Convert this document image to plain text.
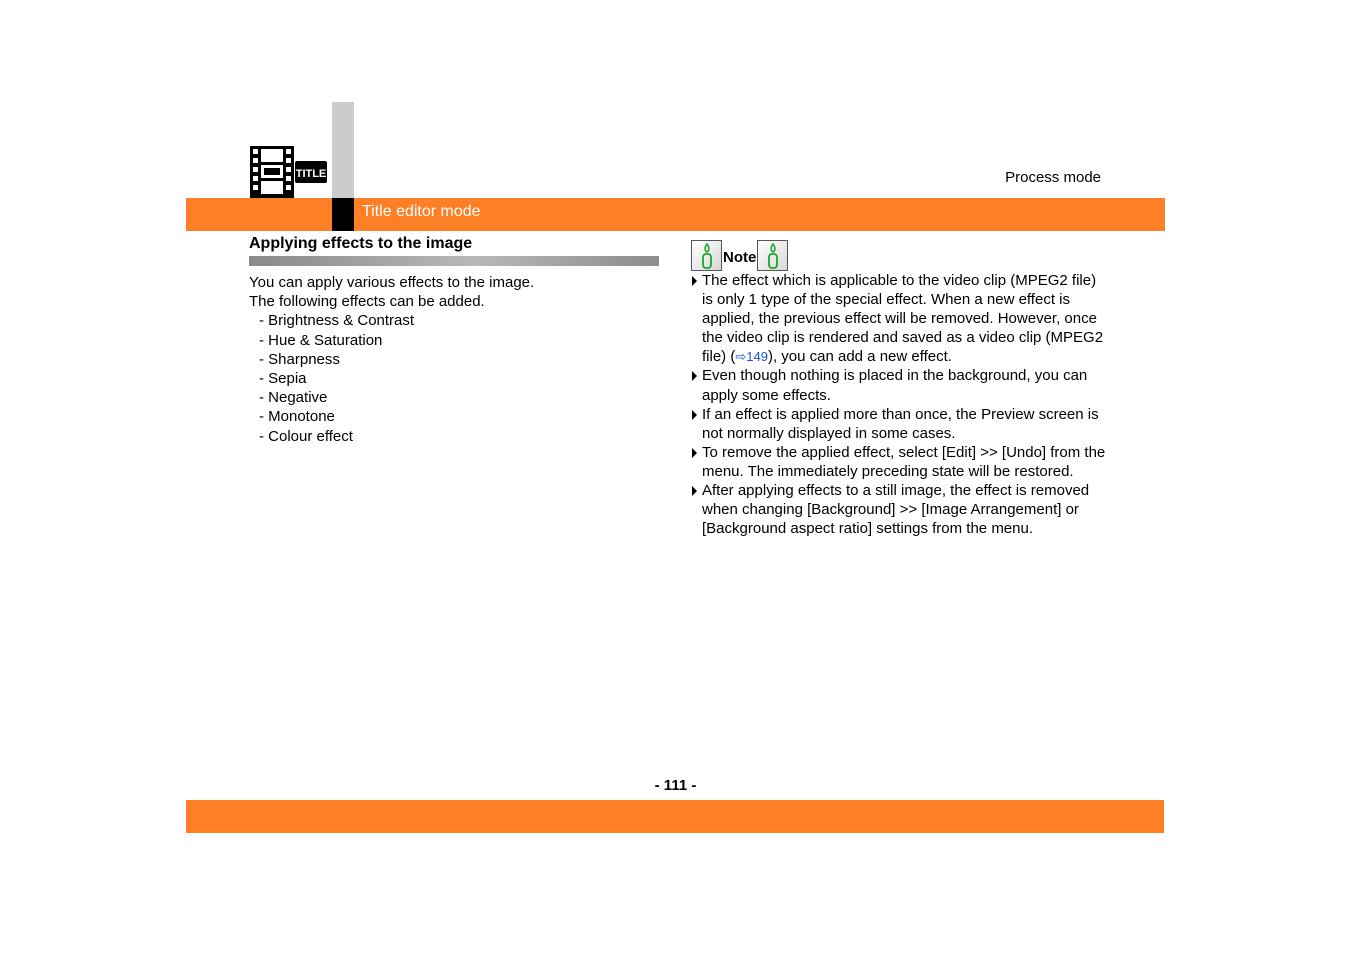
TITLE	Process mode
Title editor mode
Applying effects to the image

You can apply various effects to the image.

The following effects can be added.

- Brightness & Contrast
- Hue & Saturation
- Sharpness
- Sepia
- Negative
- Monotone
- Colour effect
Note
The effect which is applicable to the video clip (MPEG2 file) is only 1 type of the special effect. When a new effect is applied, the previous effect will be removed. However, once the video clip is rendered and saved as a video clip (MPEG2 file) (⇨149), you can add a new effect.
Even though nothing is placed in the background, you can apply some effects.
If an effect is applied more than once, the Preview screen is not normally displayed in some cases.
To remove the applied effect, select [Edit] >> [Undo] from the menu. The immediately preceding state will be restored.
After applying effects to a still image, the effect is removed when changing [Background] >> [Image Arrangement] or [Background aspect ratio] settings from the menu.
- 111 -
